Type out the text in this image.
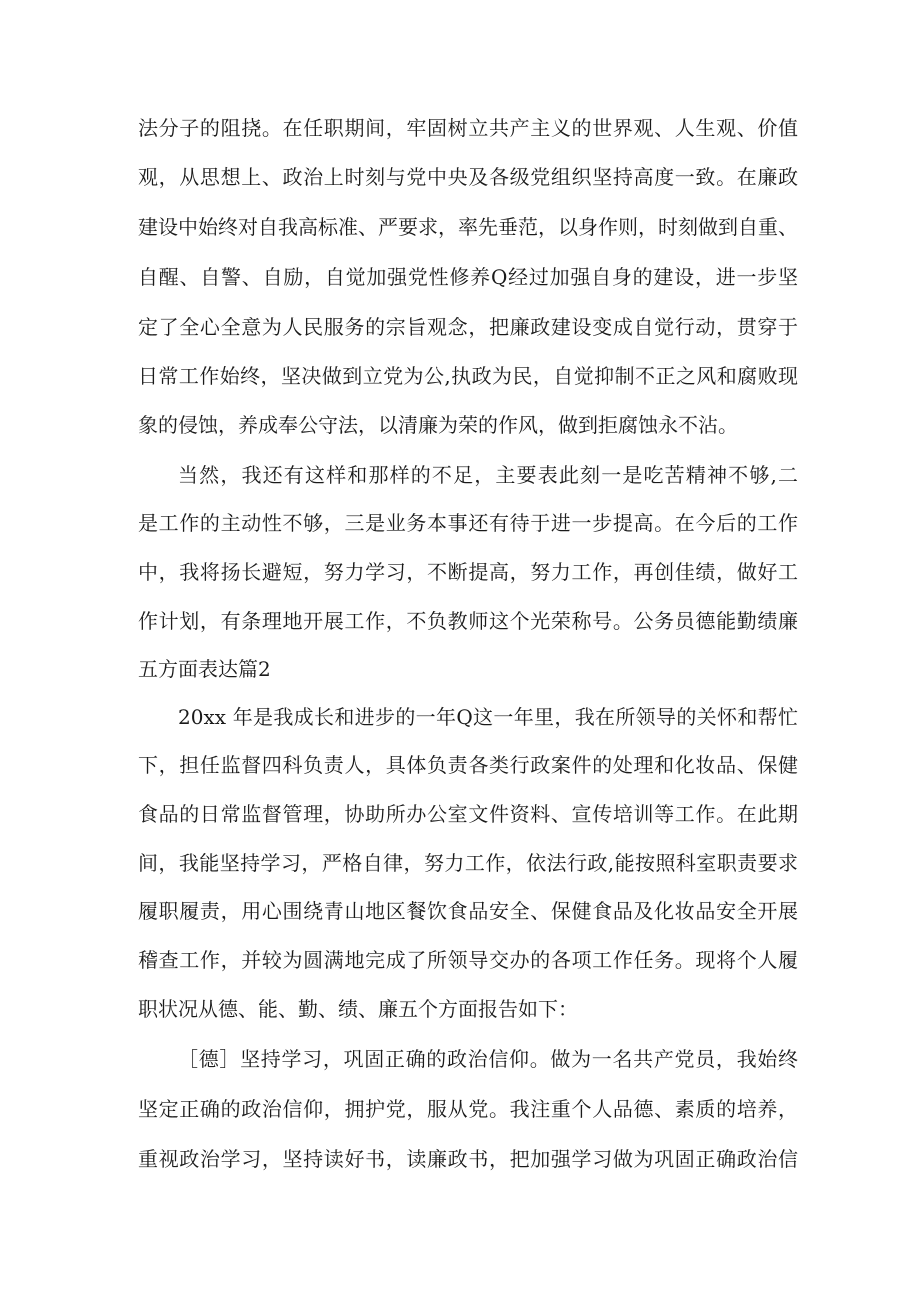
法分子的阻挠。在任职期间，牢固树立共产主义的世界观、人生观、价值
观，从思想上、政治上时刻与党中央及各级党组织坚持高度一致。在廉政
建设中始终对自我高标准、严要求，率先垂范，以身作则，时刻做到自重、
自醒、自警、自励，自觉加强党性修养Q经过加强自身的建设，进一步坚
定了全心全意为人民服务的宗旨观念，把廉政建设变成自觉行动，贯穿于
日常工作始终，坚决做到立党为公,执政为民，自觉抑制不正之风和腐败现
象的侵蚀，养成奉公守法，以清廉为荣的作风，做到拒腐蚀永不沾。
当然，我还有这样和那样的不足，主要表此刻一是吃苦精神不够,二
是工作的主动性不够，三是业务本事还有待于进一步提高。在今后的工作
中，我将扬长避短，努力学习，不断提高，努力工作，再创佳绩，做好工
作计划，有条理地开展工作，不负教师这个光荣称号。公务员德能勤绩廉
五方面表达篇2
20xx 年是我成长和进步的一年Q这一年里，我在所领导的关怀和帮忙
下，担任监督四科负责人，具体负责各类行政案件的处理和化妆品、保健
食品的日常监督管理，协助所办公室文件资料、宣传培训等工作。在此期
间，我能坚持学习，严格自律，努力工作，依法行政,能按照科室职责要求
履职履责，用心围绕青山地区餐饮食品安全、保健食品及化妆品安全开展
稽查工作，并较为圆满地完成了所领导交办的各项工作任务。现将个人履
职状况从德、能、勤、绩、廉五个方面报告如下：
［德］坚持学习，巩固正确的政治信仰。做为一名共产党员，我始终
坚定正确的政治信仰，拥护党，服从党。我注重个人品德、素质的培养，
重视政治学习，坚持读好书，读廉政书，把加强学习做为巩固正确政治信
